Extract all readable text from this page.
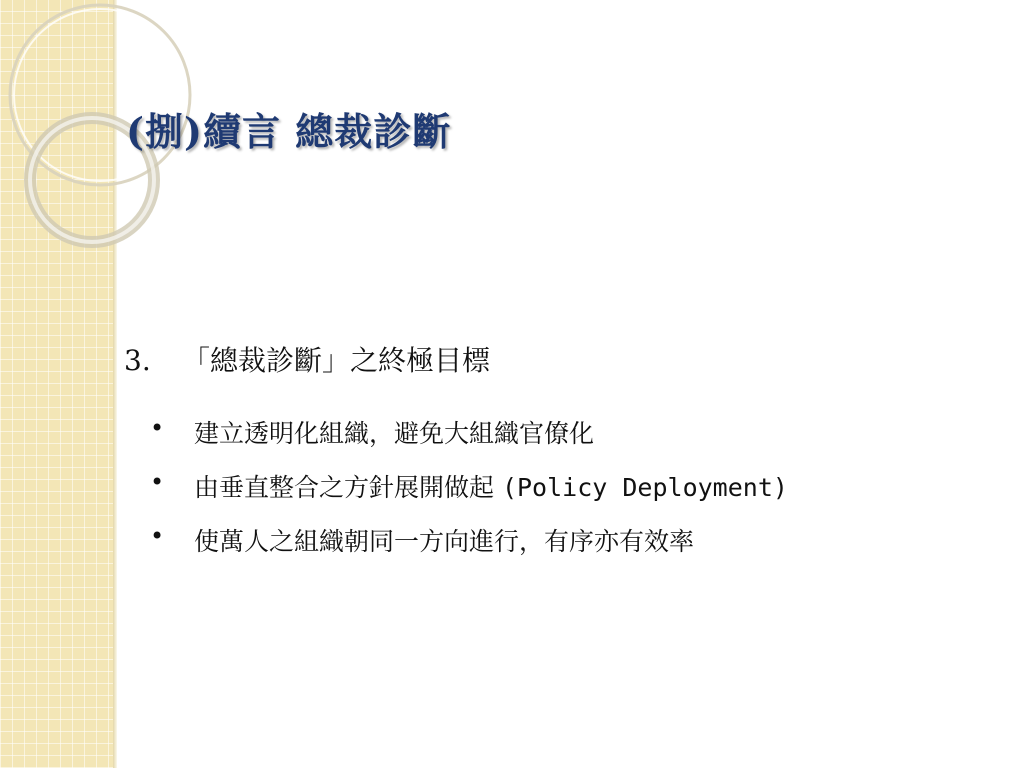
(捌)續言 總裁診斷
3. 「總裁診斷」之終極目標
• 建立透明化組織，避免大組織官僚化
• 由垂直整合之方針展開做起 (Policy Deployment)
• 使萬人之組織朝同一方向進行，有序亦有效率
